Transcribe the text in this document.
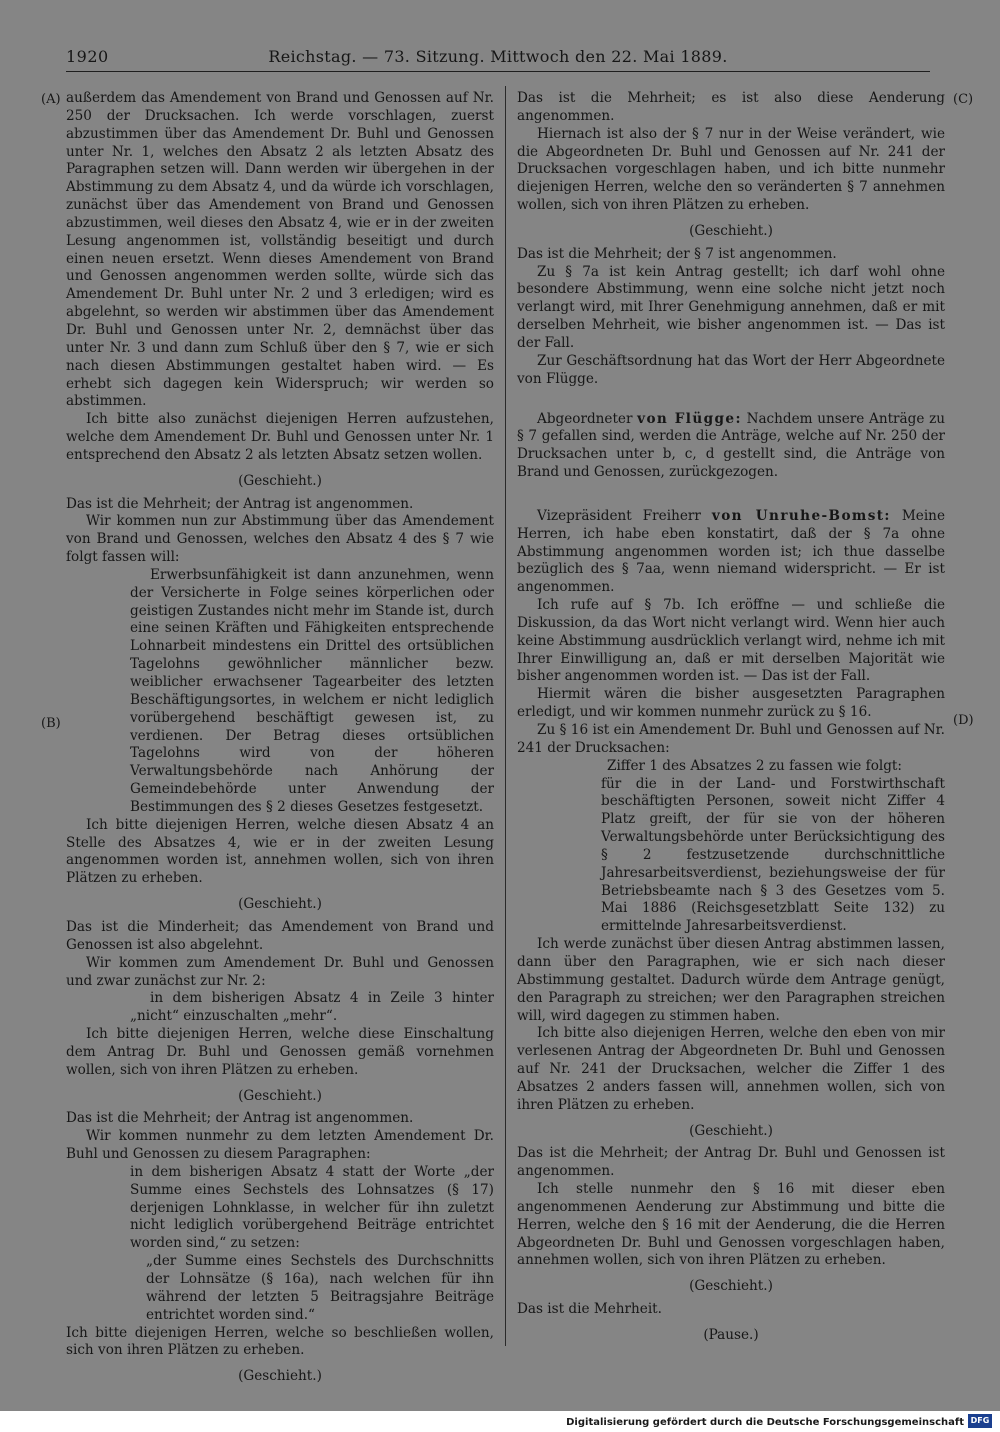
1920	Reichstag. — 73. Sitzung. Mittwoch den 22. Mai 1889.
(A)
(B)
(C)
(D)

außerdem das Amendement von Brand und Genossen auf Nr. 250 der Drucksachen. Ich werde vorschlagen, zuerst abzustimmen über das Amendement Dr. Buhl und Genossen unter Nr. 1, welches den Absatz 2 als letzten Absatz des Paragraphen setzen will. Dann werden wir übergehen in der Abstimmung zu dem Absatz 4, und da würde ich vorschlagen, zunächst über das Amendement von Brand und Genossen abzustimmen, weil dieses den Absatz 4, wie er in der zweiten Lesung angenommen ist, vollständig beseitigt und durch einen neuen ersetzt. Wenn dieses Amendement von Brand und Genossen angenommen werden sollte, würde sich das Amendement Dr. Buhl unter Nr. 2 und 3 erledigen; wird es abgelehnt, so werden wir abstimmen über das Amendement Dr. Buhl und Genossen unter Nr. 2, demnächst über das unter Nr. 3 und dann zum Schluß über den § 7, wie er sich nach diesen Abstimmungen gestaltet haben wird. — Es erhebt sich dagegen kein Widerspruch; wir werden so abstimmen.

Ich bitte also zunächst diejenigen Herren aufzustehen, welche dem Amendement Dr. Buhl und Genossen unter Nr. 1 entsprechend den Absatz 2 als letzten Absatz setzen wollen.

(Geschieht.)

Das ist die Mehrheit; der Antrag ist angenommen.

Wir kommen nun zur Abstimmung über das Amendement von Brand und Genossen, welches den Absatz 4 des § 7 wie folgt fassen will:

Erwerbsunfähigkeit ist dann anzunehmen, wenn der Versicherte in Folge seines körperlichen oder geistigen Zustandes nicht mehr im Stande ist, durch eine seinen Kräften und Fähigkeiten entsprechende Lohnarbeit mindestens ein Drittel des ortsüblichen Tagelohns gewöhnlicher männlicher bezw. weiblicher erwachsener Tagearbeiter des letzten Beschäftigungsortes, in welchem er nicht lediglich vorübergehend beschäftigt gewesen ist, zu verdienen. Der Betrag dieses ortsüblichen Tagelohns wird von der höheren Verwaltungsbehörde nach Anhörung der Gemeindebehörde unter Anwendung der Bestimmungen des § 2 dieses Gesetzes festgesetzt.

Ich bitte diejenigen Herren, welche diesen Absatz 4 an Stelle des Absatzes 4, wie er in der zweiten Lesung angenommen worden ist, annehmen wollen, sich von ihren Plätzen zu erheben.

(Geschieht.)

Das ist die Minderheit; das Amendement von Brand und Genossen ist also abgelehnt.

Wir kommen zum Amendement Dr. Buhl und Genossen und zwar zunächst zur Nr. 2:

in dem bisherigen Absatz 4 in Zeile 3 hinter „nicht“ einzuschalten „mehr“.

Ich bitte diejenigen Herren, welche diese Einschaltung dem Antrag Dr. Buhl und Genossen gemäß vornehmen wollen, sich von ihren Plätzen zu erheben.

(Geschieht.)

Das ist die Mehrheit; der Antrag ist angenommen.

Wir kommen nunmehr zu dem letzten Amendement Dr. Buhl und Genossen zu diesem Paragraphen:

in dem bisherigen Absatz 4 statt der Worte „der Summe eines Sechstels des Lohnsatzes (§ 17) derjenigen Lohnklasse, in welcher für ihn zuletzt nicht lediglich vorübergehend Beiträge entrichtet worden sind,“ zu setzen:

„der Summe eines Sechstels des Durchschnitts der Lohnsätze (§ 16a), nach welchen für ihn während der letzten 5 Beitragsjahre Beiträge entrichtet worden sind.“

Ich bitte diejenigen Herren, welche so beschließen wollen, sich von ihren Plätzen zu erheben.

(Geschieht.)

Das ist die Mehrheit; es ist also diese Aenderung angenommen.

Hiernach ist also der § 7 nur in der Weise verändert, wie die Abgeordneten Dr. Buhl und Genossen auf Nr. 241 der Drucksachen vorgeschlagen haben, und ich bitte nunmehr diejenigen Herren, welche den so veränderten § 7 annehmen wollen, sich von ihren Plätzen zu erheben.

(Geschieht.)

Das ist die Mehrheit; der § 7 ist angenommen.

Zu § 7a ist kein Antrag gestellt; ich darf wohl ohne besondere Abstimmung, wenn eine solche nicht jetzt noch verlangt wird, mit Ihrer Genehmigung annehmen, daß er mit derselben Mehrheit, wie bisher angenommen ist. — Das ist der Fall.

Zur Geschäftsordnung hat das Wort der Herr Abgeordnete von Flügge.

Abgeordneter von Flügge: Nachdem unsere Anträge zu § 7 gefallen sind, werden die Anträge, welche auf Nr. 250 der Drucksachen unter b, c, d gestellt sind, die Anträge von Brand und Genossen, zurückgezogen.

Vizepräsident Freiherr von Unruhe-Bomst: Meine Herren, ich habe eben konstatirt, daß der § 7a ohne Abstimmung angenommen worden ist; ich thue dasselbe bezüglich des § 7aa, wenn niemand widerspricht. — Er ist angenommen.

Ich rufe auf § 7b. Ich eröffne — und schließe die Diskussion, da das Wort nicht verlangt wird. Wenn hier auch keine Abstimmung ausdrücklich verlangt wird, nehme ich mit Ihrer Einwilligung an, daß er mit derselben Majorität wie bisher angenommen worden ist. — Das ist der Fall.

Hiermit wären die bisher ausgesetzten Paragraphen erledigt, und wir kommen nunmehr zurück zu § 16.

Zu § 16 ist ein Amendement Dr. Buhl und Genossen auf Nr. 241 der Drucksachen:

Ziffer 1 des Absatzes 2 zu fassen wie folgt:

für die in der Land- und Forstwirthschaft beschäftigten Personen, soweit nicht Ziffer 4 Platz greift, der für sie von der höheren Verwaltungsbehörde unter Berücksichtigung des § 2 festzusetzende durchschnittliche Jahresarbeitsverdienst, beziehungsweise der für Betriebsbeamte nach § 3 des Gesetzes vom 5. Mai 1886 (Reichsgesetzblatt Seite 132) zu ermittelnde Jahresarbeitsverdienst.

Ich werde zunächst über diesen Antrag abstimmen lassen, dann über den Paragraphen, wie er sich nach dieser Abstimmung gestaltet. Dadurch würde dem Antrage genügt, den Paragraph zu streichen; wer den Paragraphen streichen will, wird dagegen zu stimmen haben.

Ich bitte also diejenigen Herren, welche den eben von mir verlesenen Antrag der Abgeordneten Dr. Buhl und Genossen auf Nr. 241 der Drucksachen, welcher die Ziffer 1 des Absatzes 2 anders fassen will, annehmen wollen, sich von ihren Plätzen zu erheben.

(Geschieht.)

Das ist die Mehrheit; der Antrag Dr. Buhl und Genossen ist angenommen.

Ich stelle nunmehr den § 16 mit dieser eben angenommenen Aenderung zur Abstimmung und bitte die Herren, welche den § 16 mit der Aenderung, die die Herren Abgeordneten Dr. Buhl und Genossen vorgeschlagen haben, annehmen wollen, sich von ihren Plätzen zu erheben.

(Geschieht.)

Das ist die Mehrheit.

(Pause.)

Digitalisierung gefördert durch die Deutsche Forschungsgemeinschaft DFG
